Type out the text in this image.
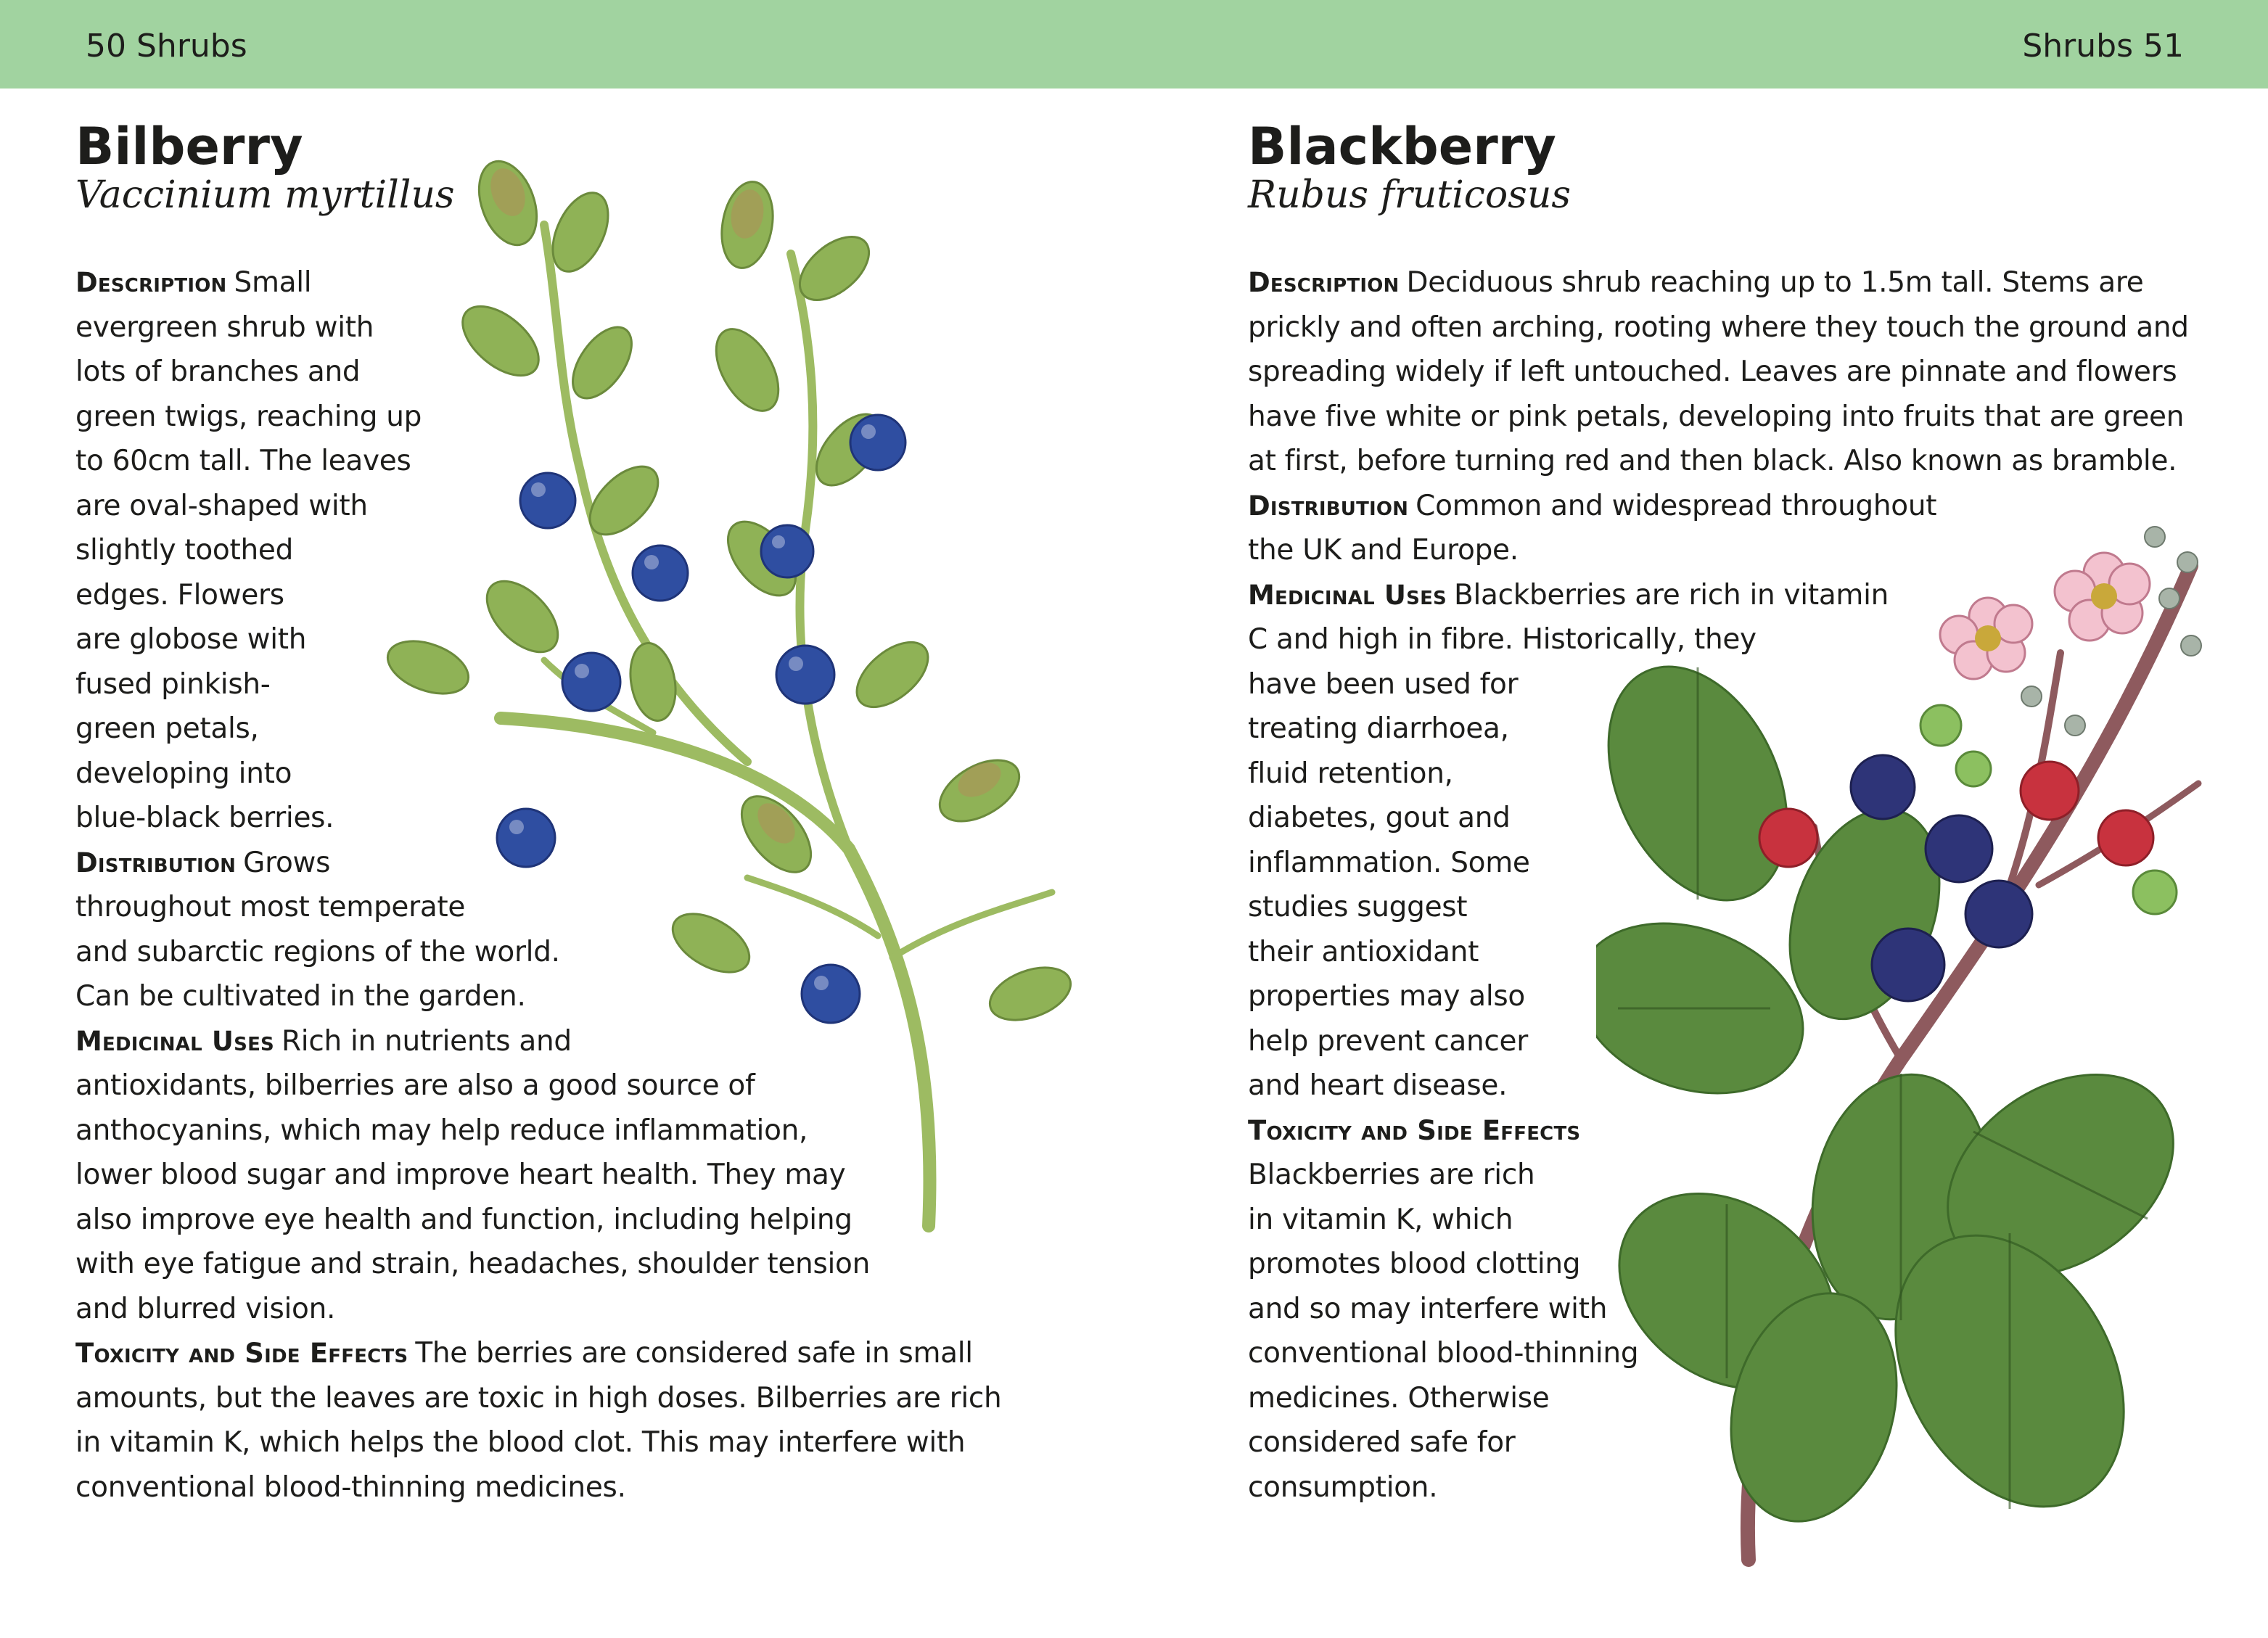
50 Shrubs	Shrubs 51
Bilberry
Vaccinium myrtillus
Description Small
evergreen shrub with
lots of branches and
green twigs, reaching up
to 60cm tall. The leaves
are oval-shaped with
slightly toothed
edges. Flowers
are globose with
fused pinkish-
green petals,
developing into
blue-black berries.
Distribution Grows
throughout most temperate
and subarctic regions of the world.
Can be cultivated in the garden.
Medicinal Uses Rich in nutrients and
antioxidants, bilberries are also a good source of
anthocyanins, which may help reduce inflammation,
lower blood sugar and improve heart health. They may
also improve eye health and function, including helping
with eye fatigue and strain, headaches, shoulder tension
and blurred vision.
Toxicity and Side Effects The berries are considered safe in small
amounts, but the leaves are toxic in high doses. Bilberries are rich
in vitamin K, which helps the blood clot. This may interfere with
conventional blood-thinning medicines.
Blackberry
Rubus fruticosus
Description Deciduous shrub reaching up to 1.5m tall. Stems are
prickly and often arching, rooting where they touch the ground and
spreading widely if left untouched. Leaves are pinnate and flowers
have five white or pink petals, developing into fruits that are green
at first, before turning red and then black. Also known as bramble.
Distribution Common and widespread throughout
the UK and Europe.
Medicinal Uses Blackberries are rich in vitamin
C and high in fibre. Historically, they
have been used for
treating diarrhoea,
fluid retention,
diabetes, gout and
inflammation. Some
studies suggest
their antioxidant
properties may also
help prevent cancer
and heart disease.
Toxicity and Side Effects
Blackberries are rich
in vitamin K, which
promotes blood clotting
and so may interfere with
conventional blood-thinning
medicines. Otherwise
considered safe for
consumption.
